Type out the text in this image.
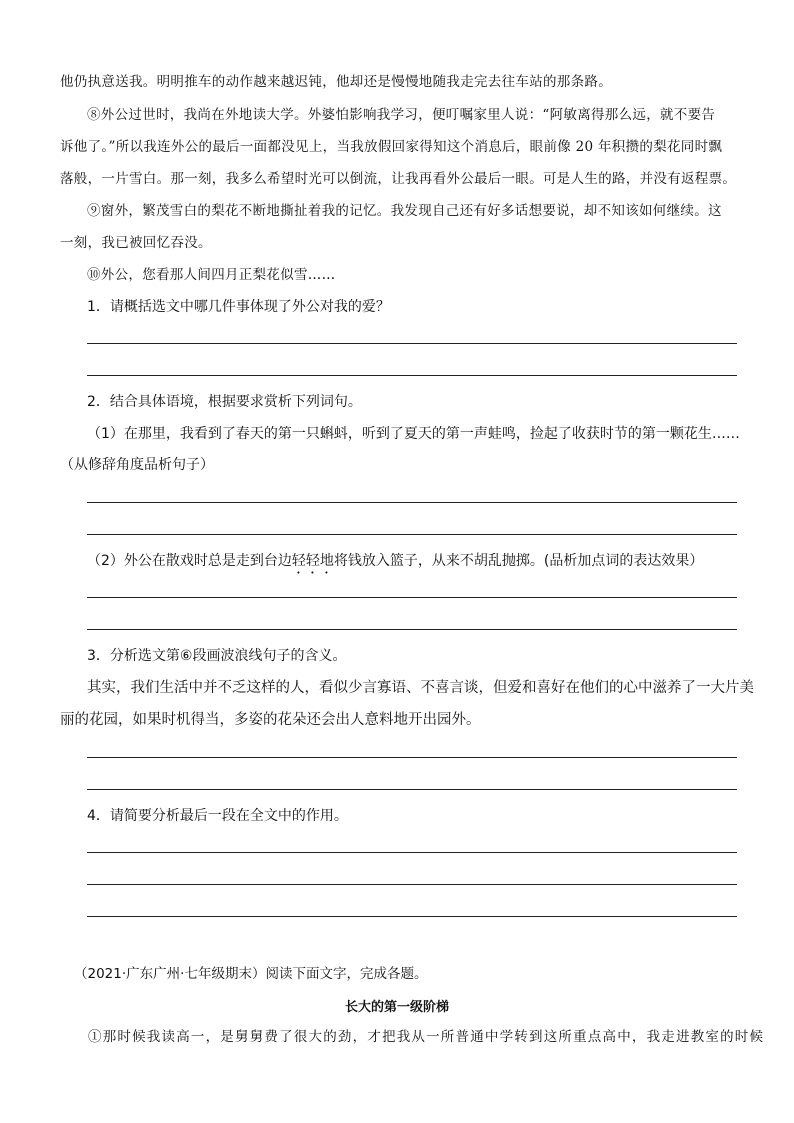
他仍执意送我。明明推车的动作越来越迟钝，他却还是慢慢地随我走完去往车站的那条路。
⑧外公过世时，我尚在外地读大学。外婆怕影响我学习，便叮嘱家里人说：“阿敏离得那么远，就不要告
诉他了。”所以我连外公的最后一面都没见上，当我放假回家得知这个消息后，眼前像 20 年积攒的梨花同时飘
落般，一片雪白。那一刻，我多么希望时光可以倒流，让我再看外公最后一眼。可是人生的路，并没有返程票。
⑨窗外，繁茂雪白的梨花不断地撕扯着我的记忆。我发现自己还有好多话想要说，却不知该如何继续。这
一刻，我已被回忆吞没。
⑩外公，您看那人间四月正梨花似雪……
1．请概括选文中哪几件事体现了外公对我的爱？
2．结合具体语境，根据要求赏析下列词句。
（1）在那里，我看到了春天的第一只蝌蚪，听到了夏天的第一声蛙鸣，捡起了收获时节的第一颗花生……
（从修辞角度品析句子）
（2）外公在散戏时总是走到台边轻轻地将钱放入篮子，从来不胡乱抛掷。(品析加点词的表达效果）
3．分析选文第⑥段画波浪线句子的含义。
其实，我们生活中并不乏这样的人，看似少言寡语、不喜言谈，但爱和喜好在他们的心中滋养了一大片美
丽的花园，如果时机得当，多姿的花朵还会出人意料地开出园外。
4．请简要分析最后一段在全文中的作用。
（2021·广东广州·七年级期末）阅读下面文字，完成各题。
长大的第一级阶梯
①那时候我读高一，是舅舅费了很大的劲，才把我从一所普通中学转到这所重点高中，我走进教室的时候
